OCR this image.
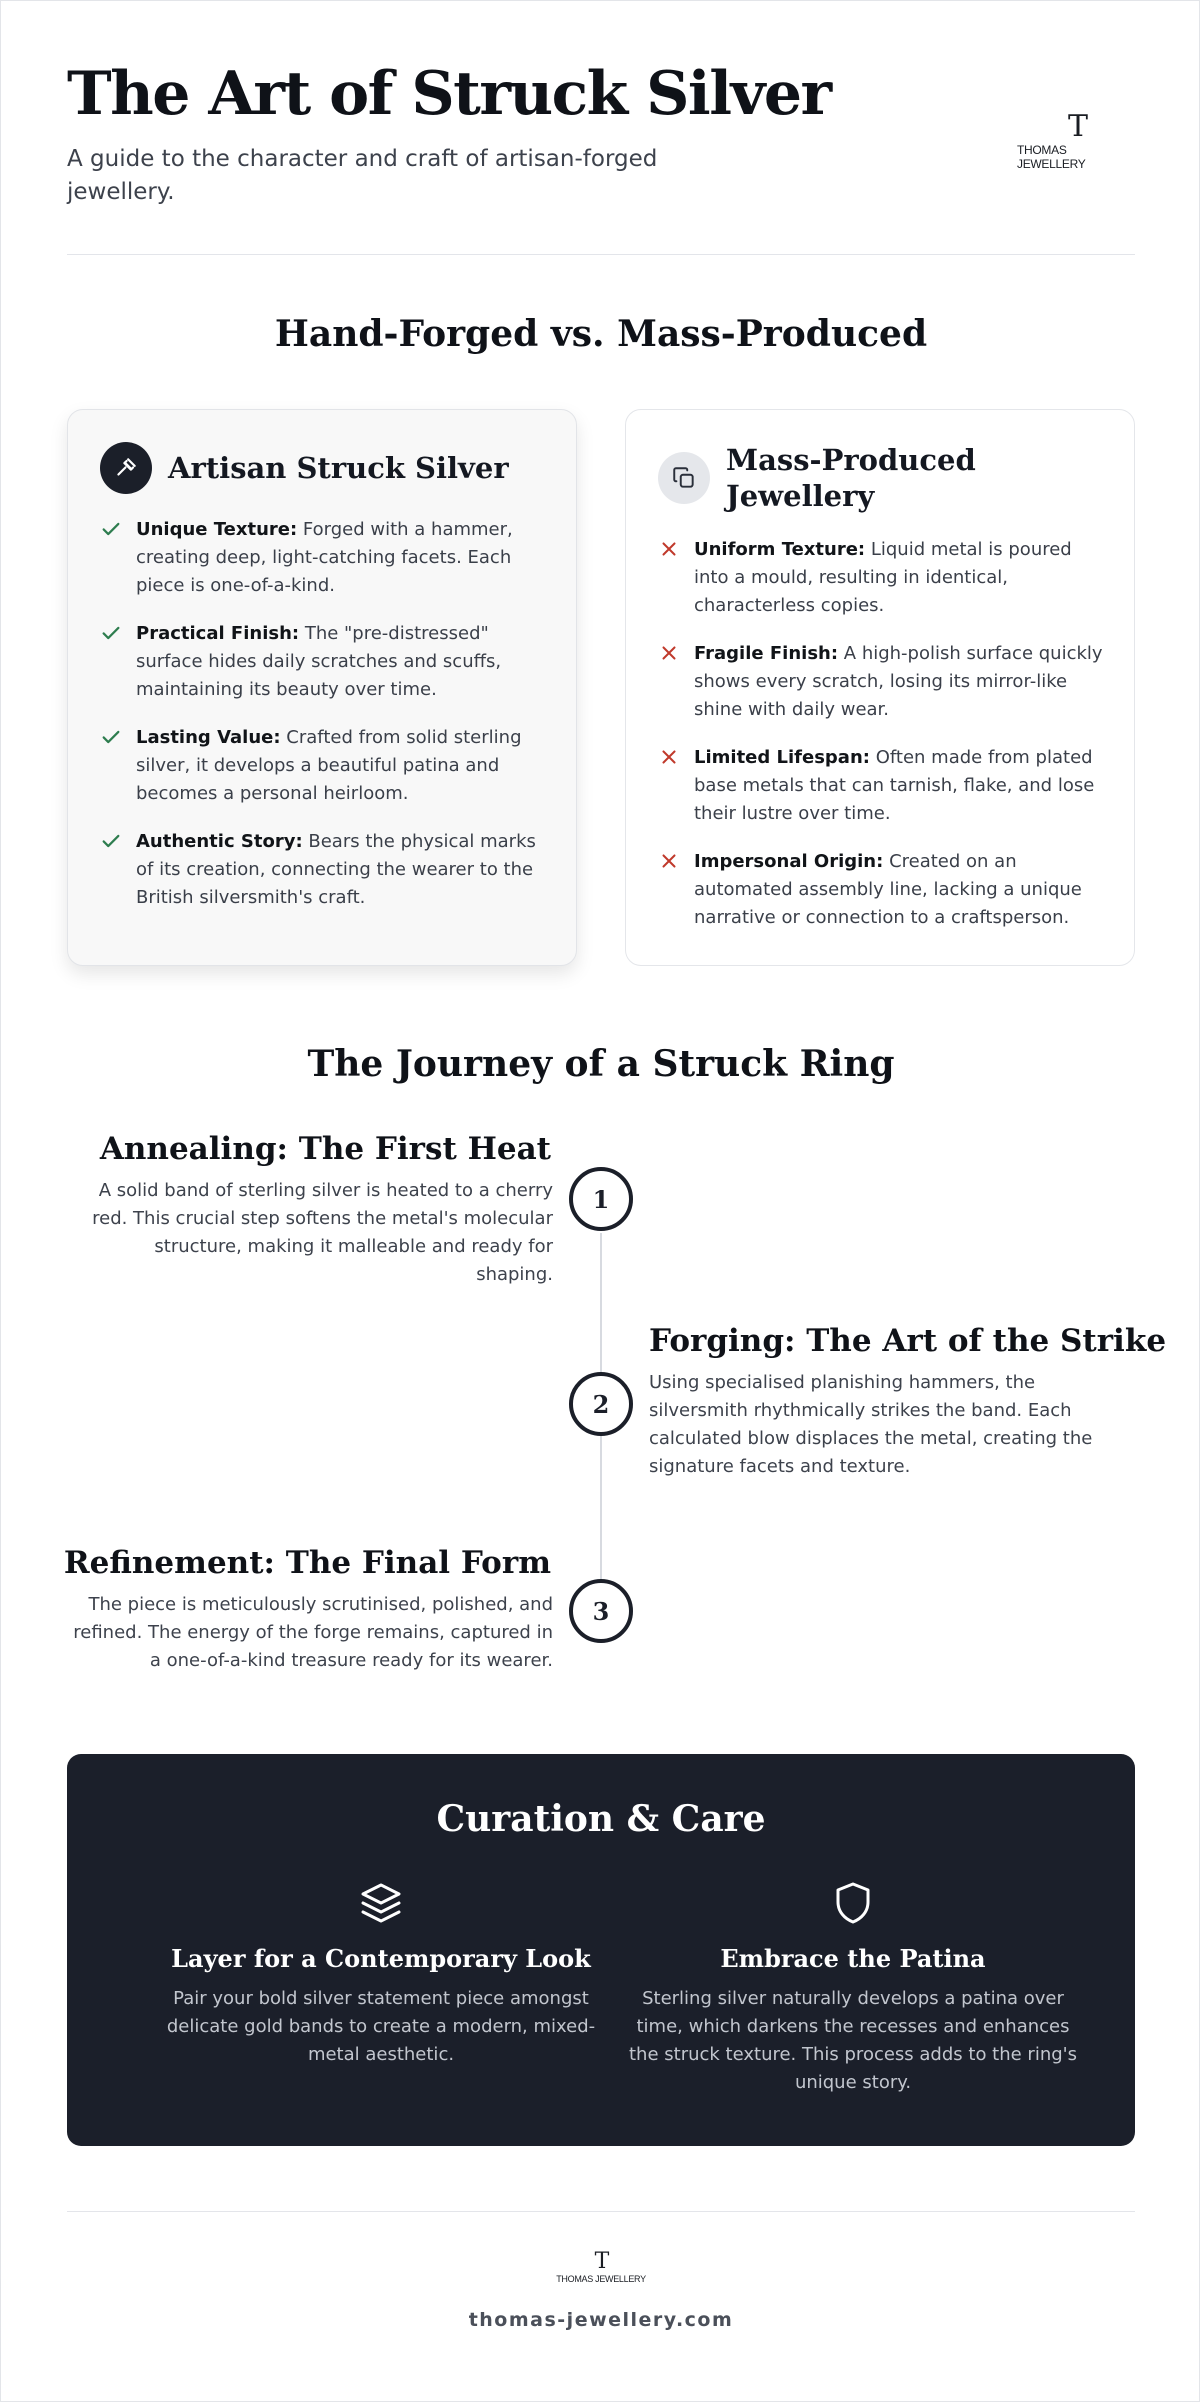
The Art of Struck Silver

A guide to the character and craft of artisan-forged jewellery.

T
THOMAS JEWELLERY
Hand-Forged vs. Mass-Produced
Artisan Struck Silver
Unique Texture: Forged with a hammer, creating deep, light-catching facets. Each piece is one-of-a-kind.
Practical Finish: The "pre-distressed" surface hides daily scratches and scuffs, maintaining its beauty over time.
Lasting Value: Crafted from solid sterling silver, it develops a beautiful patina and becomes a personal heirloom.
Authentic Story: Bears the physical marks of its creation, connecting the wearer to the British silversmith's craft.
Mass-Produced Jewellery
Uniform Texture: Liquid metal is poured into a mould, resulting in identical, characterless copies.
Fragile Finish: A high-polish surface quickly shows every scratch, losing its mirror-like shine with daily wear.
Limited Lifespan: Often made from plated base metals that can tarnish, flake, and lose their lustre over time.
Impersonal Origin: Created on an automated assembly line, lacking a unique narrative or connection to a craftsperson.
The Journey of a Struck Ring
Annealing: The First Heat

A solid band of sterling silver is heated to a cherry red. This crucial step softens the metal's molecular structure, making it malleable and ready for shaping.

1
Forging: The Art of the Strike

Using specialised planishing hammers, the silversmith rhythmically strikes the band. Each calculated blow displaces the metal, creating the signature facets and texture.

2
Refinement: The Final Form

The piece is meticulously scrutinised, polished, and refined. The energy of the forge remains, captured in a one-of-a-kind treasure ready for its wearer.

3
Curation & Care
Layer for a Contemporary Look

Pair your bold silver statement piece amongst delicate gold bands to create a modern, mixed-metal aesthetic.

Embrace the Patina

Sterling silver naturally develops a patina over time, which darkens the recesses and enhances the struck texture. This process adds to the ring's unique story.

T
THOMAS JEWELLERY
thomas-jewellery.com
